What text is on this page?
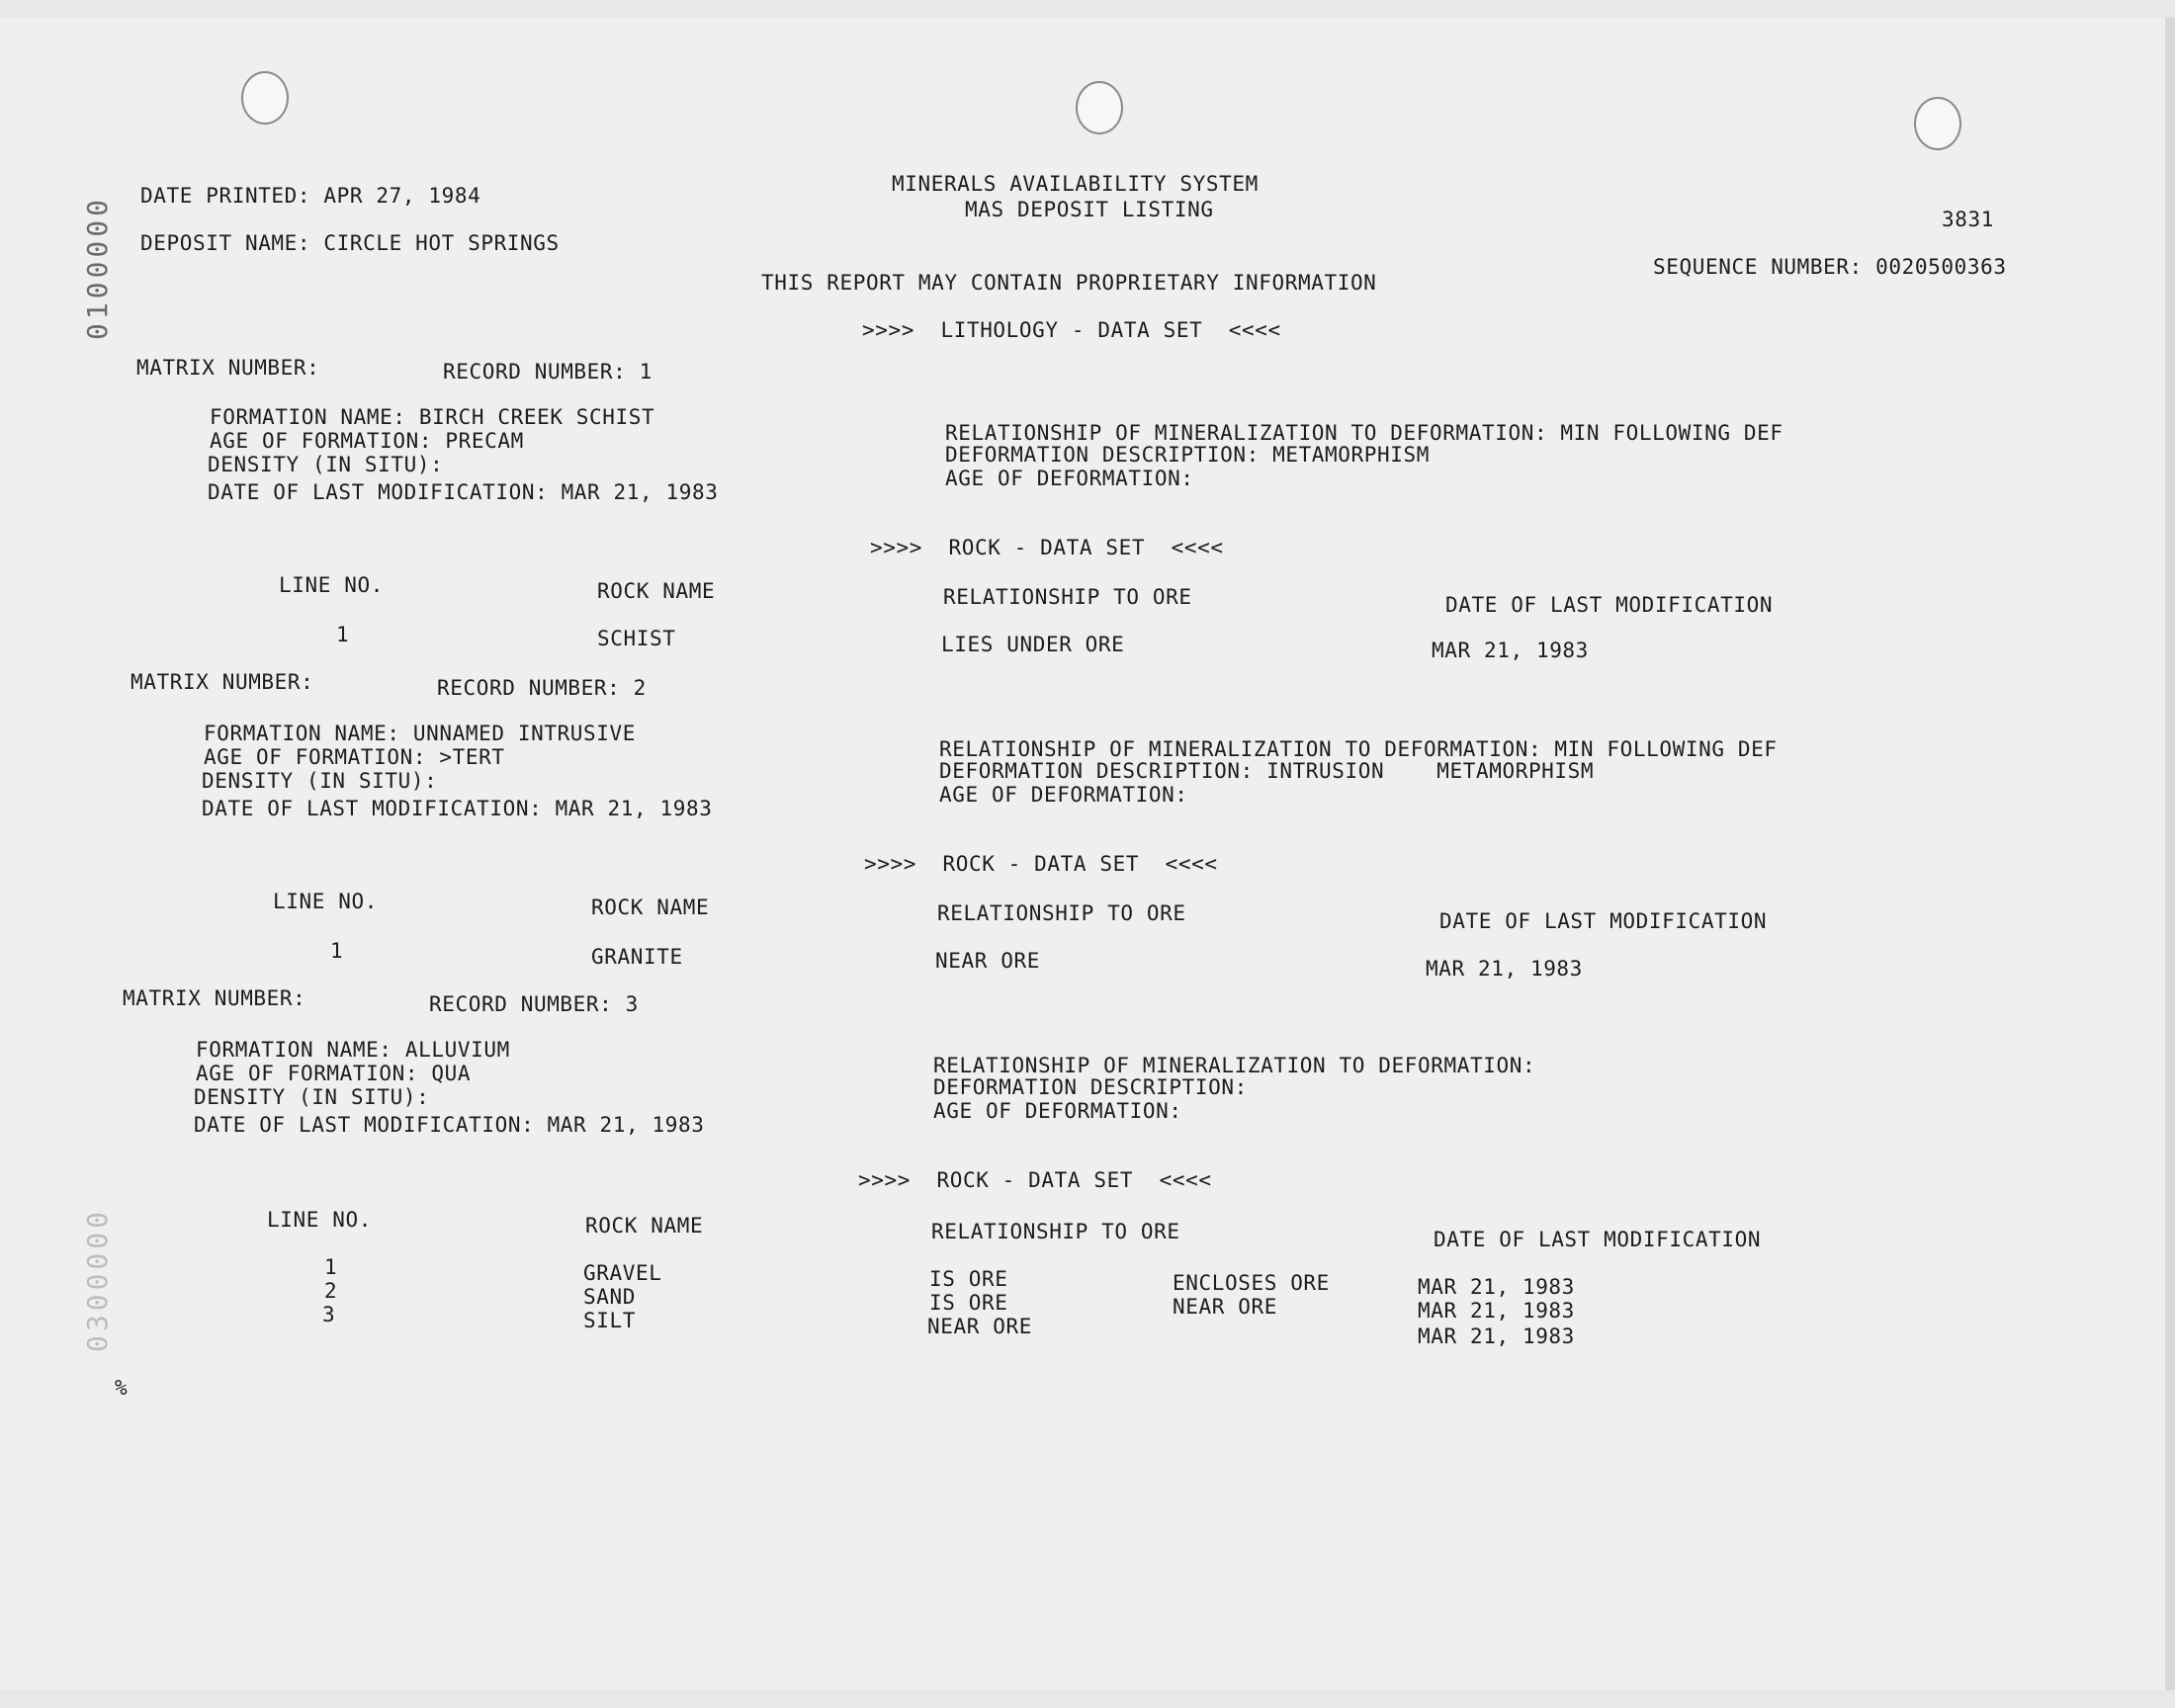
0100000
0300000
DATE PRINTED: APR 27, 1984	MINERALS AVAILABILITY SYSTEM
MAS DEPOSIT LISTING	3831
DEPOSIT NAME: CIRCLE HOT SPRINGS
SEQUENCE NUMBER: 0020500363
THIS REPORT MAY CONTAIN PROPRIETARY INFORMATION
>>>>  LITHOLOGY - DATA SET  <<<<
MATRIX NUMBER:	RECORD NUMBER: 1
FORMATION NAME: BIRCH CREEK SCHIST
AGE OF FORMATION: PRECAM
DENSITY (IN SITU):
DATE OF LAST MODIFICATION: MAR 21, 1983
RELATIONSHIP OF MINERALIZATION TO DEFORMATION: MIN FOLLOWING DEF
DEFORMATION DESCRIPTION: METAMORPHISM
AGE OF DEFORMATION:
>>>>  ROCK - DATA SET  <<<<
LINE NO.	ROCK NAME	RELATIONSHIP TO ORE	DATE OF LAST MODIFICATION
1	SCHIST	LIES UNDER ORE	MAR 21, 1983
MATRIX NUMBER:	RECORD NUMBER: 2
FORMATION NAME: UNNAMED INTRUSIVE
AGE OF FORMATION: >TERT
DENSITY (IN SITU):
DATE OF LAST MODIFICATION: MAR 21, 1983
RELATIONSHIP OF MINERALIZATION TO DEFORMATION: MIN FOLLOWING DEF
DEFORMATION DESCRIPTION: INTRUSION    METAMORPHISM
AGE OF DEFORMATION:
>>>>  ROCK - DATA SET  <<<<
LINE NO.	ROCK NAME	RELATIONSHIP TO ORE	DATE OF LAST MODIFICATION
1	GRANITE	NEAR ORE	MAR 21, 1983
MATRIX NUMBER:	RECORD NUMBER: 3
FORMATION NAME: ALLUVIUM
AGE OF FORMATION: QUA
DENSITY (IN SITU):
DATE OF LAST MODIFICATION: MAR 21, 1983
RELATIONSHIP OF MINERALIZATION TO DEFORMATION:
DEFORMATION DESCRIPTION:
AGE OF DEFORMATION:
>>>>  ROCK - DATA SET  <<<<
LINE NO.	ROCK NAME	RELATIONSHIP TO ORE	DATE OF LAST MODIFICATION
1	GRAVEL	IS ORE	ENCLOSES ORE	MAR 21, 1983
2	SAND	IS ORE	NEAR ORE	MAR 21, 1983
3	SILT	NEAR ORE	MAR 21, 1983
%
